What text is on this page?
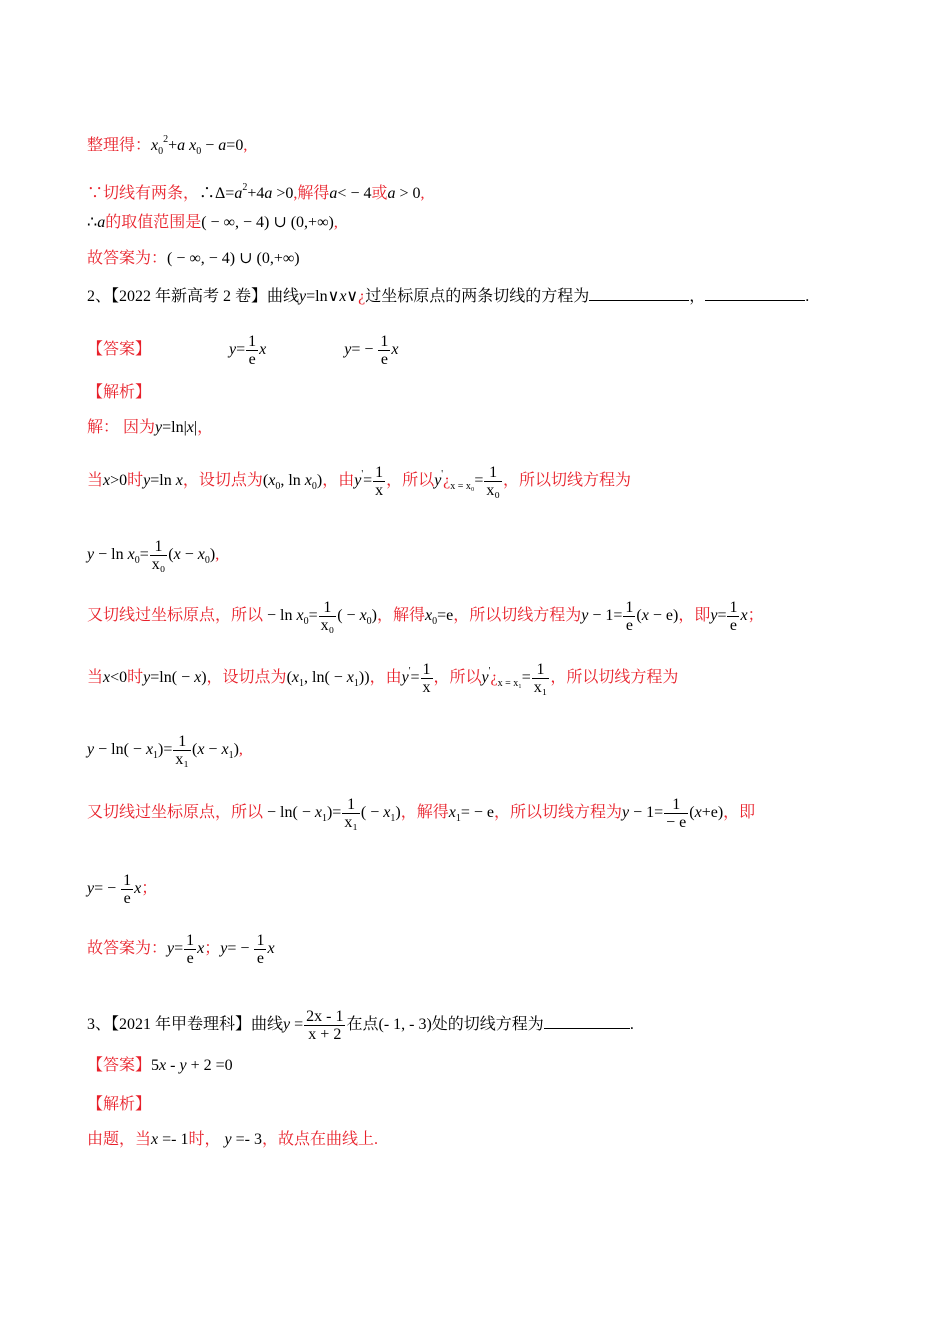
整理得：$x_0^2+a$ $x_0 - a=0$,
∵切线有两条，$\therefore\Delta=a^2+4a >0$,解得a< − 4或a > 0,
∴a的取值范围是( − ∞, − 4) ∪ (0,+∞),
故答案为：( − ∞, − 4) ∪ (0,+∞)
2、【2022 年新高考 2 卷】曲线y=ln∨x∨¿过坐标原点的两条切线的方程为	，	.
【答案】	$y= \frac{1}{e}$ x	$y= - \frac{1}{e}$ x
【解析】
解： 因为y=ln|x|，
当x>0时y=ln x，设切点为($x_0$, $\ln x_0$)，由$y'= \frac{1}{x}$ ，所以$y'¿_{x = x_0}= \frac{1}{\text{x₀}}$ ，所以切线方程为
$y - \ln x_0= \frac{1}{\text{x₀}} (x - x_0)$,
又切线过坐标原点，所以 − $\ln x_0= \frac{1}{\text{x₀}}$ ( − $x_0$)，解得$x_0=e$，所以切线方程为$y - 1= \frac{1}{e} (x - e)$，即$y= \frac{1}{e}$ x；
当x<0时y=ln( − x)，设切点为($x_1$, $\ln( - x_1)$)，由$y'= \frac{1}{x}$ ，所以$y'¿_{x = x_1}= \frac{1}{\text{x₁}}$ ，所以切线方程为
$y - \ln( - x_1)= \frac{1}{\text{x₁}} (x - x_1)$,
又切线过坐标原点，所以 − $\ln( - x_1)= \frac{1}{\text{x₁}}$ ( − $x_1$)，解得$x_1= - e$，所以切线方程为$y - 1= \frac{1}{- e} (x+e)$，即
$y= - \frac{1}{e}$ x；
故答案为：$y= \frac{1}{e}$ x；$y= - \frac{1}{e}$ x
3、【2021 年甲卷理科】曲线$y = \frac{2x - 1}{x + 2}$ 在点(- 1, - 3)处的切线方程为	.
【答案】5x - y + 2 =0
【解析】
由题，当x =- 1时， y =- 3，故点在曲线上.
